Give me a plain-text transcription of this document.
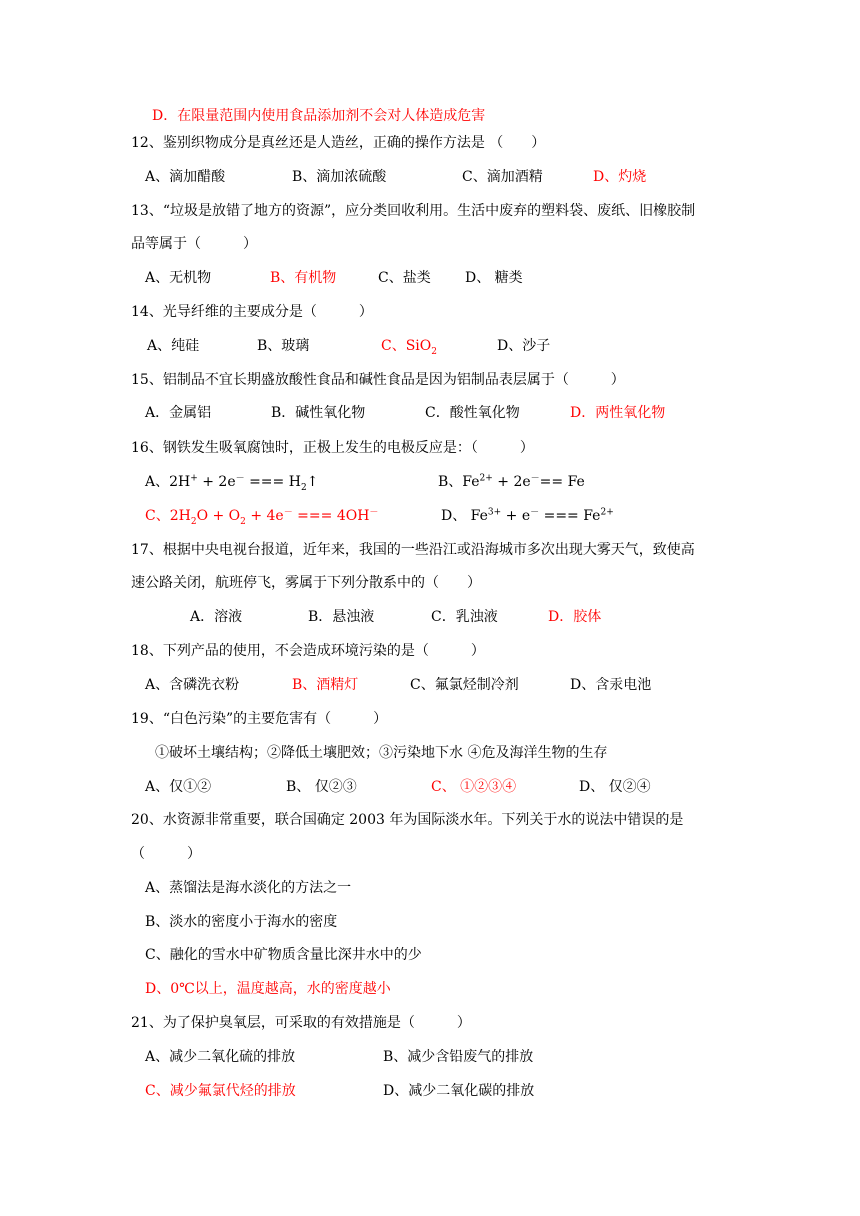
D．在限量范围内使用食品添加剂不会对人体造成危害
12、鉴别织物成分是真丝还是人造丝，正确的操作方法是 （　　）
A、滴加醋酸	B、滴加浓硫酸	C、滴加酒精	D、灼烧
13、“垃圾是放错了地方的资源”，应分类回收利用。生活中废弃的塑料袋、废纸、旧橡胶制
品等属于（　　　）
A、无机物	B、有机物	C、盐类 D、 糖类
14、光导纤维的主要成分是（　　　）
A、纯硅	B、玻璃	C、SiO$_2$	D、沙子
15、铝制品不宜长期盛放酸性食品和碱性食品是因为铝制品表层属于（　　　）
A．金属铝	B．碱性氧化物	C．酸性氧化物	D．两性氧化物
16、钢铁发生吸氧腐蚀时，正极上发生的电极反应是：（　　　）
A、2H+ + 2e－ === $H_2↑$	B、$Fe^{2+} + 2e^-== Fe$
C、$2H_2O + O_2 + 4e^-$ === 4OH－	D、 $Fe^{3+} + e^-$ === $Fe^{2+}$
17、根据中央电视台报道，近年来，我国的一些沿江或沿海城市多次出现大雾天气，致使高
速公路关闭，航班停飞，雾属于下列分散系中的（　　）
A．溶液	B．悬浊液	C．乳浊液	D．胶体
18、下列产品的使用，不会造成环境污染的是（　　　）
A、含磷洗衣粉	B、酒精灯	C、氟氯烃制冷剂	D、含汞电池
19、“白色污染”的主要危害有（　　　）
①破坏土壤结构；②降低土壤肥效；③污染地下水 ④危及海洋生物的生存
A、仅①②	B、 仅②③	C、 ①②③④	D、 仅②④
20、水资源非常重要，联合国确定 2003 年为国际淡水年。下列关于水的说法中错误的是
（　　　）
A、蒸馏法是海水淡化的方法之一
B、淡水的密度小于海水的密度
C、融化的雪水中矿物质含量比深井水中的少
D、0℃以上，温度越高，水的密度越小
21、为了保护臭氧层，可采取的有效措施是（　　　）
A、减少二氧化硫的排放	B、减少含铅废气的排放
C、减少氟氯代烃的排放	D、减少二氧化碳的排放
